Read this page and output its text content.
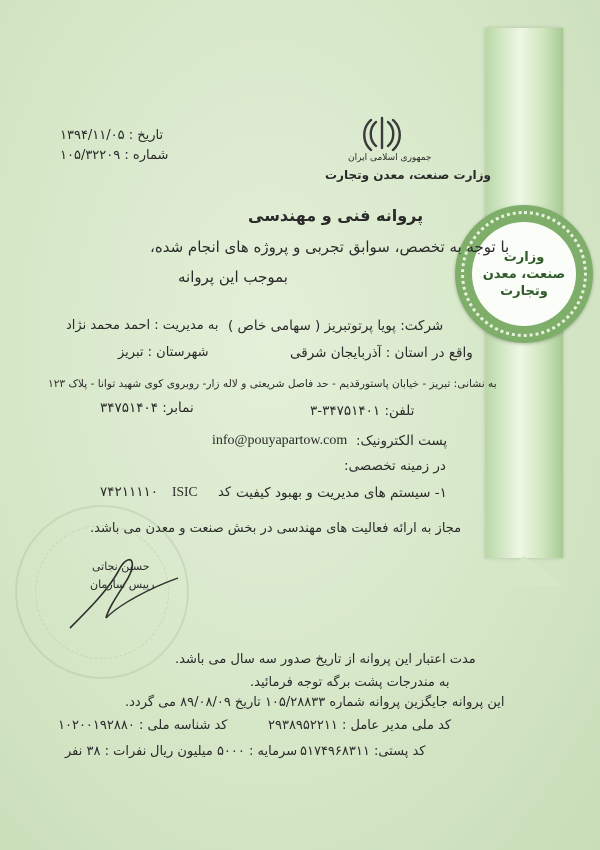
وزارت
صنعت، معدن
وتجارت
تاریخ : ۱۳۹۴/۱۱/۰۵
شماره : ۱۰۵/۳۲۲۰۹	جمهوری اسلامی ایران
وزارت صنعت، معدن وتجارت
پروانه فنی و مهندسی
با توجه به تخصص، سوابق تجربی و پروژه های انجام شده،
بموجب این پروانه
شرکت: پویا پرتوتبریز ( سهامی خاص )
به مدیریت : احمد محمد نژاد
واقع در استان : آذربایجان شرقی
شهرستان : تبریز
به نشانی: تبریز - خیابان پاستورقدیم - حد فاصل شریعتی و لاله زار- روبروی کوی شهید توانا - پلاک ۱۲۳
تلفن: ۳۴۷۵۱۴۰۱-۳
نمابر: ۳۴۷۵۱۴۰۴
پست الکترونیک:
info@pouyapartow.com
در زمینه تخصصی:
۱- سیستم های مدیریت و بهبود کیفیت
کد
ISIC
۷۴۲۱۱۱۱۰
مجاز به ارائه فعالیت های مهندسی در بخش صنعت و معدن می باشد.
حسین نجاتی
رییس سازمان
مدت اعتبار این پروانه از تاریخ صدور سه سال می باشد.
به مندرجات پشت برگه توجه فرمائید.
این پروانه جایگزین پروانه شماره ۱۰۵/۲۸۸۳۳ تاریخ ۸۹/۰۸/۰۹ می گردد.
کد ملی مدیر عامل : ۲۹۳۸۹۵۲۲۱۱
کد شناسه ملی : ۱۰۲۰۰۱۹۲۸۸۰
کد پستی: ۵۱۷۴۹۶۸۳۱۱
سرمایه : ۵۰۰۰ میلیون ریال
نفرات : ۳۸ نفر
